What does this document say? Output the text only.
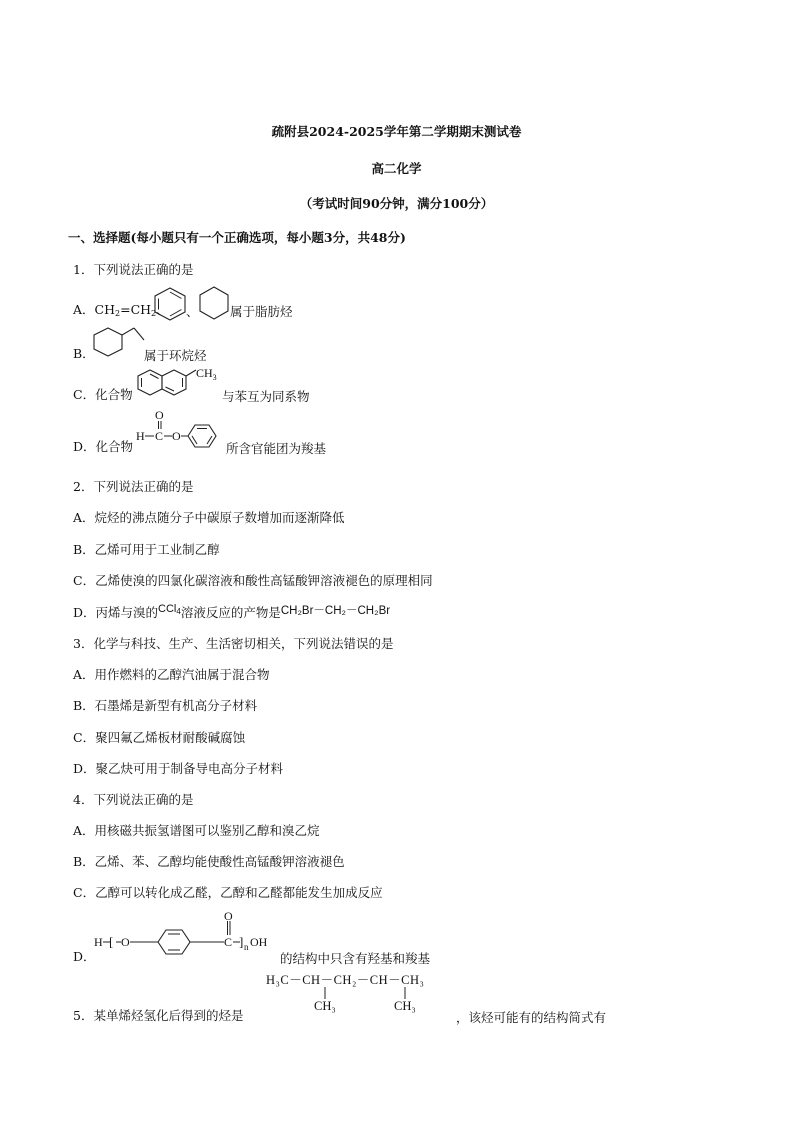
疏附县2024-2025学年第二学期期末测试卷
高二化学
（考试时间90分钟，满分100分）
一、选择题(每小题只有一个正确选项，每小题3分，共48分)
1．下列说法正确的是
A．$CH_2=CH_2$、 、	属于脂肪烃
B．	属于环烷烃
C．化合物
$CH_3$
与苯互为同系物
D．化合物
H C
O
O
所含官能团为羧基
2．下列说法正确的是
A．烷烃的沸点随分子中碳原子数增加而逐渐降低
B．乙烯可用于工业制乙醇
C．乙烯使溴的四氯化碳溶液和酸性高锰酸钾溶液褪色的原理相同
D．丙烯与溴的CCl$_4$溶液反应的产物是CH₂Br－CH₂－CH₂Br
3．化学与科技、生产、生活密切相关，下列说法错误的是
A．用作燃料的乙醇汽油属于混合物
B．石墨烯是新型有机高分子材料
C．聚四氟乙烯板材耐酸碱腐蚀
D．聚乙炔可用于制备导电高分子材料
4．下列说法正确的是
A．用核磁共振氢谱图可以鉴别乙醇和溴乙烷
B．乙烯、苯、乙醇均能使酸性高锰酸钾溶液褪色
C．乙醇可以转化成乙醛，乙醇和乙醛都能发生加成反应
D．
H [ O	C
O
] n OH
的结构中只含有羟基和羧基
H₃C－CH－CH₂－CH－CH₃
CH₃	CH₃
5．某单烯烃氢化后得到的烃是	，该烃可能有的结构简式有
